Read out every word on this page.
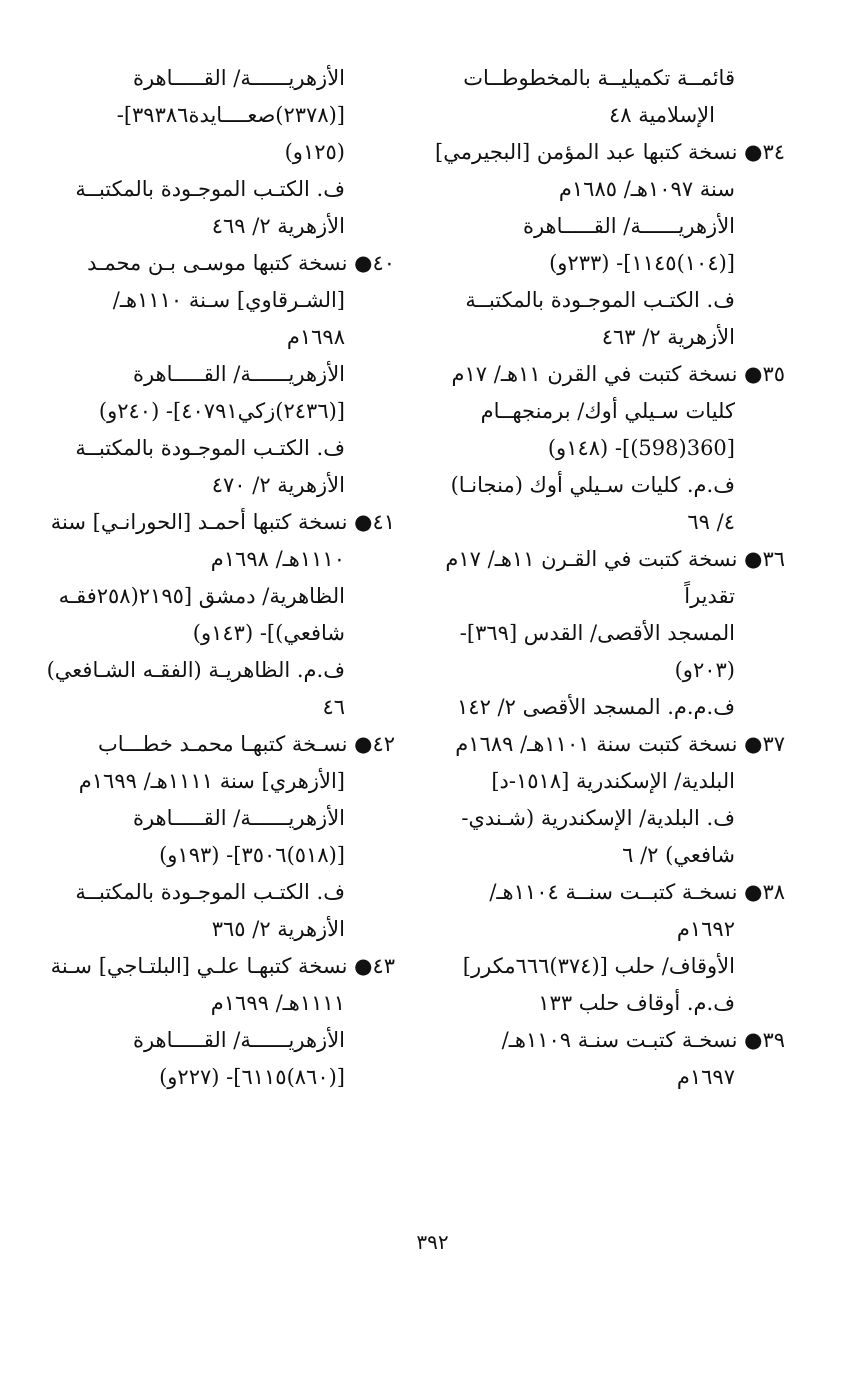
قائمــة تكميليــة بالمخطوطــات
الإسلامية ٤٨
٣٤● نسخة كتبها عبد المؤمن [البجيرمي]
سنة ١٠٩٧هـ/ ١٦٨٥م
الأزهريــــــة/ القـــــاهرة
[(١٠٤)١١٤٥]- (٢٣٣و)
ف. الكتـب الموجـودة بالمكتبــة
الأزهرية ٢/ ٤٦٣
٣٥● نسخة كتبت في القرن ١١هـ/ ١٧م
كليات سـيلي أوك/ برمنجهــام
[360(598)]- (١٤٨و)
ف.م. كليات سـيلي أوك (منجانـا)
٤/ ٦٩
٣٦● نسخة كتبت في القـرن ١١هـ/ ١٧م
تقديراً
المسجد الأقصى/ القدس [٣٦٩]-
(٢٠٣و)
ف.م.م. المسجد الأقصى ٢/ ١٤٢
٣٧● نسخة كتبت سنة ١١٠١هـ/ ١٦٨٩م
البلدية/ الإسكندرية [١٥١٨-د]
ف. البلدية/ الإسكندرية (شـندي-
شافعي) ٢/ ٦
٣٨● نسخـة كتبــت سنــة ١١٠٤هـ/
١٦٩٢م
الأوقاف/ حلب [(٣٧٤)٦٦٦مكرر]
ف.م. أوقاف حلب ١٣٣
٣٩● نسخـة كتبـت سنـة ١١٠٩هـ/
١٦٩٧م
الأزهريــــــة/ القـــــاهرة
[(٢٣٧٨)صعــــايدة٣٩٣٨٦]-
(١٢٥و)
ف. الكتـب الموجـودة بالمكتبــة
الأزهرية ٢/ ٤٦٩
٤٠● نسخة كتبها موسـى بـن محمـد
[الشـرقاوي] سـنة ١١١٠هـ/
١٦٩٨م
الأزهريــــــة/ القـــــاهرة
[(٢٤٣٦)زكي٤٠٧٩١]- (٢٤٠و)
ف. الكتـب الموجـودة بالمكتبــة
الأزهرية ٢/ ٤٧٠
٤١● نسخة كتبها أحمـد [الحورانـي] سنة
١١١٠هـ/ ١٦٩٨م
الظاهرية/ دمشق [٢١٩٥(٢٥٨فقـه
شافعي)]- (١٤٣و)
ف.م. الظاهريـة (الفقـه الشـافعي)
٤٦
٤٢● نسـخة كتبهـا محمـد خطـــاب
[الأزهري] سنة ١١١١هـ/ ١٦٩٩م
الأزهريــــــة/ القـــــاهرة
[(٥١٨)٣٥٠٦]- (١٩٣و)
ف. الكتـب الموجـودة بالمكتبــة
الأزهرية ٢/ ٣٦٥
٤٣● نسخة كتبهـا علـي [البلتـاجي] سـنة
١١١١هـ/ ١٦٩٩م
الأزهريــــــة/ القـــــاهرة
[(٨٦٠)٦١١٥]- (٢٢٧و)
٣٩٢
